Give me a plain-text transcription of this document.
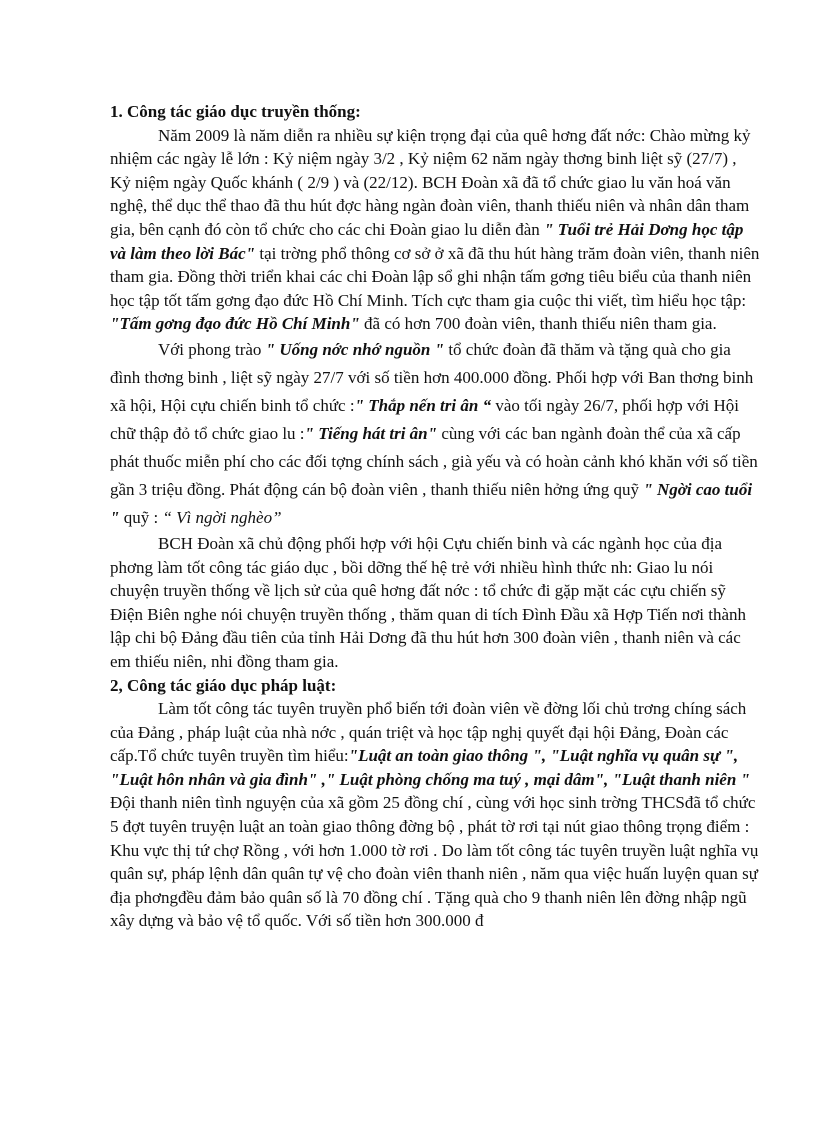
1. Công tác giáo dục truyền thống:

Năm 2009 là năm diễn ra nhiều sự kiện trọng đại của quê hơng đất nớc: Chào mừng kỷ nhiệm các ngày lễ lớn : Kỷ niệm ngày 3/2 , Kỷ niệm 62 năm ngày thơng binh liệt sỹ (27/7) , Kỷ niệm ngày Quốc khánh ( 2/9 ) và (22/12). BCH Đoàn xã đã tổ chức giao lu văn hoá văn nghệ, thể dục thể thao đã thu hút đợc hàng ngàn đoàn viên, thanh thiếu niên và nhân dân tham gia, bên cạnh đó còn tổ chức cho các chi Đoàn giao lu diễn đàn " Tuổi trẻ Hải Dơng học tập và làm theo lời Bác" tại trờng phổ thông cơ sở ở xã đã thu hút hàng trăm đoàn viên, thanh niên tham gia. Đồng thời triển khai các chi Đoàn lập sổ ghi nhận tấm gơng tiêu biểu của thanh niên học tập tốt tấm gơng đạo đức Hồ Chí Minh. Tích cực tham gia cuộc thi viết, tìm hiểu học tập: "Tấm gơng đạo đức Hồ Chí Minh" đã có hơn 700 đoàn viên, thanh thiếu niên tham gia.

Với phong trào " Uống nớc nhớ nguồn " tổ chức đoàn đã thăm và tặng quà cho gia đình thơng binh , liệt sỹ ngày 27/7 với số tiền hơn 400.000 đồng. Phối hợp với Ban thơng binh xã hội, Hội cựu chiến binh tổ chức :" Thắp nến tri ân “ vào tối ngày 26/7, phối hợp với Hội chữ thập đỏ tổ chức giao lu :" Tiếng hát tri ân" cùng với các ban ngành đoàn thể của xã cấp phát thuốc miễn phí cho các đối tợng chính sách , già yếu và có hoàn cảnh khó khăn với số tiền gần 3 triệu đồng. Phát động cán bộ đoàn viên , thanh thiếu niên hởng ứng quỹ " Ngời cao tuổi " quỹ : “ Vì ngời nghèo”

BCH Đoàn xã chủ động phối hợp với hội Cựu chiến binh và các ngành học của địa phơng làm tốt công tác giáo dục , bồi dỡng thế hệ trẻ với nhiều hình thức nh: Giao lu nói chuyện truyền thống về lịch sử của quê hơng đất nớc : tổ chức đi gặp mặt các cựu chiến sỹ Điện Biên nghe nói chuyện truyền thống , thăm quan di tích Đình Đầu xã Hợp Tiến nơi thành lập chi bộ Đảng đầu tiên của tỉnh Hải Dơng đã thu hút hơn 300 đoàn viên , thanh niên và các em thiếu niên, nhi đồng tham gia.

2, Công tác giáo dục pháp luật:

Làm tốt công tác tuyên truyền phổ biến tới đoàn viên về đờng lối chủ trơng chíng sách của Đảng , pháp luật của nhà nớc , quán triệt và học tập nghị quyết đại hội Đảng, Đoàn các cấp.Tổ chức tuyên truyền tìm hiểu:"Luật an toàn giao thông ", "Luật nghĩa vụ quân sự ", "Luật hôn nhân và gia đình" ," Luật phòng chống ma tuý , mại dâm", "Luật thanh niên " Đội thanh niên tình nguyện của xã gồm 25 đồng chí , cùng với học sinh trờng THCSđã tổ chức 5 đợt tuyên truyện luật an toàn giao thông đờng bộ , phát tờ rơi tại nút giao thông trọng điểm : Khu vực thị tứ chợ Rồng , với hơn 1.000 tờ rơi . Do làm tốt công tác tuyên truyền luật nghĩa vụ quân sự, pháp lệnh dân quân tự vệ cho đoàn viên thanh niên , năm qua việc huấn luyện quan sự địa phơngđều đảm bảo quân số là 70 đồng chí . Tặng quà cho 9 thanh niên lên đờng nhập ngũ xây dựng và bảo vệ tổ quốc. Với số tiền hơn 300.000 đ
